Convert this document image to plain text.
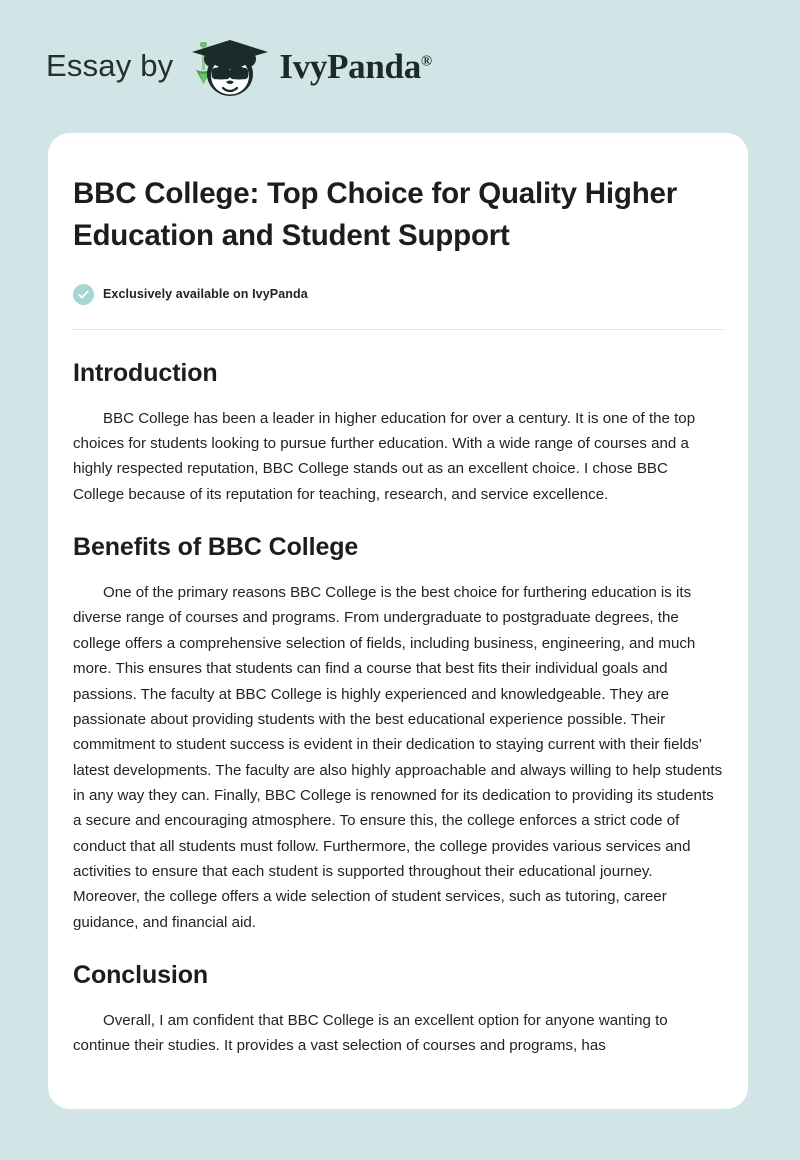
Essay by	IvyPanda®
BBC College: Top Choice for Quality Higher Education and Student Support
Exclusively available on IvyPanda
Introduction

BBC College has been a leader in higher education for over a century. It is one of the top choices for students looking to pursue further education. With a wide range of courses and a highly respected reputation, BBC College stands out as an excellent choice. I chose BBC College because of its reputation for teaching, research, and service excellence.

Benefits of BBC College

One of the primary reasons BBC College is the best choice for furthering education is its diverse range of courses and programs. From undergraduate to postgraduate degrees, the college offers a comprehensive selection of fields, including business, engineering, and much more. This ensures that students can find a course that best fits their individual goals and passions. The faculty at BBC College is highly experienced and knowledgeable. They are passionate about providing students with the best educational experience possible. Their commitment to student success is evident in their dedication to staying current with their fields' latest developments. The faculty are also highly approachable and always willing to help students in any way they can. Finally, BBC College is renowned for its dedication to providing its students a secure and encouraging atmosphere. To ensure this, the college enforces a strict code of conduct that all students must follow. Furthermore, the college provides various services and activities to ensure that each student is supported throughout their educational journey. Moreover, the college offers a wide selection of student services, such as tutoring, career guidance, and financial aid.

Conclusion

Overall, I am confident that BBC College is an excellent option for anyone wanting to continue their studies. It provides a vast selection of courses and programs, has
